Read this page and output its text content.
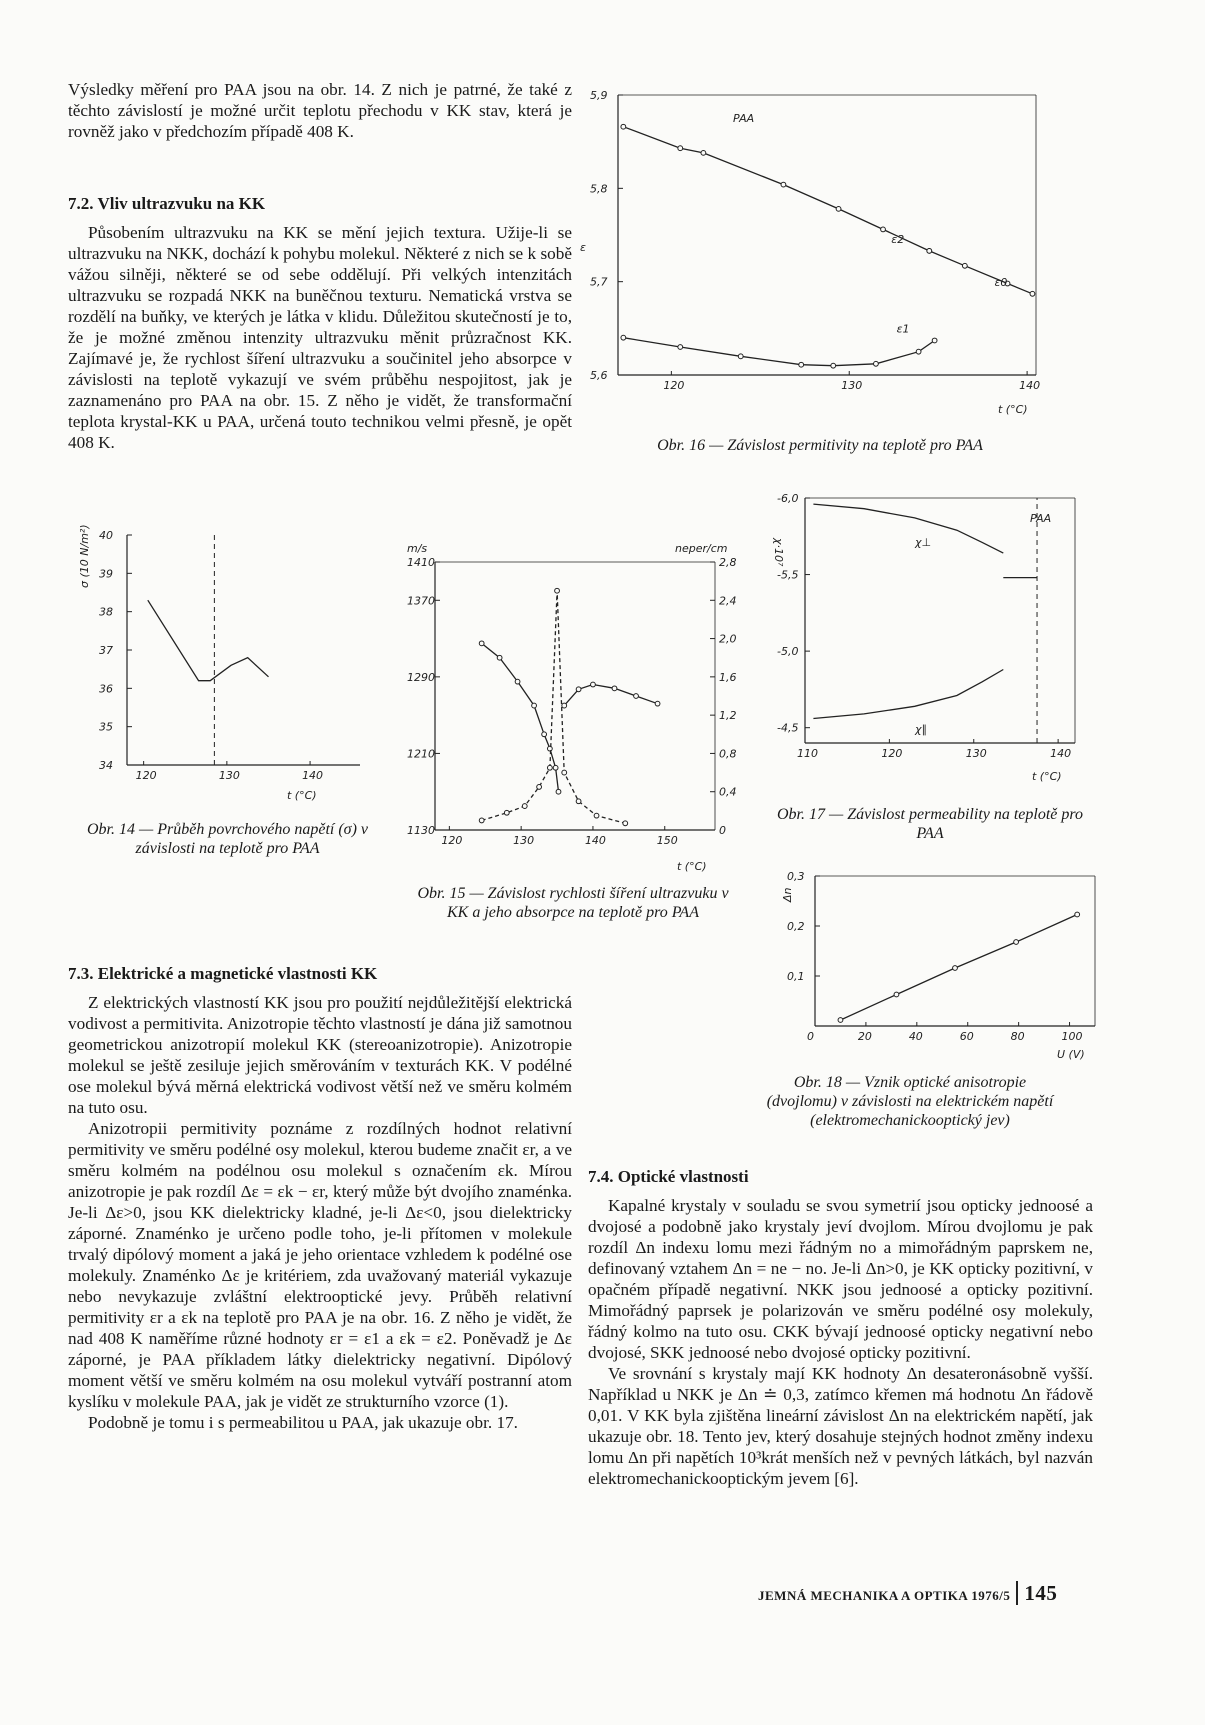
Výsledky měření pro PAA jsou na obr. 14. Z nich je patrné, že také z těchto závislostí je možné určit teplotu přechodu v KK stav, která je rovněž jako v předchozím případě 408 K.

7.2. Vliv ultrazvuku na KK

Působením ultrazvuku na KK se mění jejich textura. Užije-li se ultrazvuku na NKK, dochází k pohybu molekul. Některé z nich se k sobě vážou silněji, některé se od sebe oddělují. Při velkých intenzitách ultrazvuku se rozpadá NKK na buněčnou texturu. Nematická vrstva se rozdělí na buňky, ve kterých je látka v klidu. Důležitou skutečností je to, že je možné změnou intenzity ultrazvuku měnit průzračnost KK. Zajímavé je, že rychlost šíření ultrazvuku a součinitel jeho absorpce v závislosti na teplotě vykazují ve svém průběhu nespojitost, jak je zaznamenáno pro PAA na obr. 15. Z něho je vidět, že transformační teplota krystal-KK u PAA, určená touto technikou velmi přesně, je opět 408 K.

120	130	140
5,6
5,7
5,8
5,9
ε2
ε0
ε1
PAA
ε
t (°C)
Obr. 16 — Závislost permitivity na teplotě pro PAA
110	120	130	140
-4,5
-5,0
-5,5
-6,0
PAA
χ·10⁷
t (°C)
χ⊥
χ∥
Obr. 17 — Závislost permeability na teplotě pro PAA
120	130	140
34
35
36
37
38
39
40
σ (10 N/m²)
t (°C)
Obr. 14 — Průběh povrchového napětí (σ) v závislosti na teplotě pro PAA	120	130	140	150
1130
1210
1290
1370
1410
0
0,4
0,8
1,2
1,6
2,0
2,4
2,8
m/s	neper/cm
t (°C)
Obr. 15 — Závislost rychlosti šíření ultrazvuku v KK a jeho absorpce na teplotě pro PAA
0	20	40	60	80	100
0,1
0,2
0,3
Δn
U (V)
Obr. 18 — Vznik optické anisotropie (dvojlomu) v závislosti na elektrickém napětí (elektromechanickooptický jev)
7.3. Elektrické a magnetické vlastnosti KK

Z elektrických vlastností KK jsou pro použití nejdůležitější elektrická vodivost a permitivita. Anizotropie těchto vlastností je dána již samotnou geometrickou anizotropií molekul KK (stereoanizotropie). Anizotropie molekul se ještě zesiluje jejich směrováním v texturách KK. V podélné ose molekul bývá měrná elektrická vodivost větší než ve směru kolmém na tuto osu.

Anizotropii permitivity poznáme z rozdílných hodnot relativní permitivity ve směru podélné osy molekul, kterou budeme značit εr, a ve směru kolmém na podélnou osu molekul s označením εk. Mírou anizotropie je pak rozdíl Δε = εk − εr, který může být dvojího znaménka. Je-li Δε>0, jsou KK dielektricky kladné, je-li Δε<0, jsou dielektricky záporné. Znaménko je určeno podle toho, je-li přítomen v molekule trvalý dipólový moment a jaká je jeho orientace vzhledem k podélné ose molekuly. Znaménko Δε je kritériem, zda uvažovaný materiál vykazuje nebo nevykazuje zvláštní elektrooptické jevy. Průběh relativní permitivity εr a εk na teplotě pro PAA je na obr. 16. Z něho je vidět, že nad 408 K naměříme různé hodnoty εr = ε1 a εk = ε2. Poněvadž je Δε záporné, je PAA příkladem látky dielektricky negativní. Dipólový moment větší ve směru kolmém na osu molekul vytváří postranní atom kyslíku v molekule PAA, jak je vidět ze strukturního vzorce (1).

Podobně je tomu i s permeabilitou u PAA, jak ukazuje obr. 17.

7.4. Optické vlastnosti

Kapalné krystaly v souladu se svou symetrií jsou opticky jednoosé a dvojosé a podobně jako krystaly jeví dvojlom. Mírou dvojlomu je pak rozdíl Δn indexu lomu mezi řádným no a mimořádným paprskem ne, definovaný vztahem Δn = ne − no. Je-li Δn>0, je KK opticky pozitivní, v opačném případě negativní. NKK jsou jednoosé a opticky pozitivní. Mimořádný paprsek je polarizován ve směru podélné osy molekuly, řádný kolmo na tuto osu. CKK bývají jednoosé opticky negativní nebo dvojosé, SKK jednoosé nebo dvojosé opticky pozitivní.

Ve srovnání s krystaly mají KK hodnoty Δn desateronásobně vyšší. Například u NKK je Δn ≐ 0,3, zatímco křemen má hodnotu Δn řádově 0,01. V KK byla zjištěna lineární závislost Δn na elektrickém napětí, jak ukazuje obr. 18. Tento jev, který dosahuje stejných hodnot změny indexu lomu Δn při napětích 10³krát menších než v pevných látkách, byl nazván elektromechanickooptickým jevem [6].

JEMNÁ MECHANIKA A OPTIKA 1976/5 145
